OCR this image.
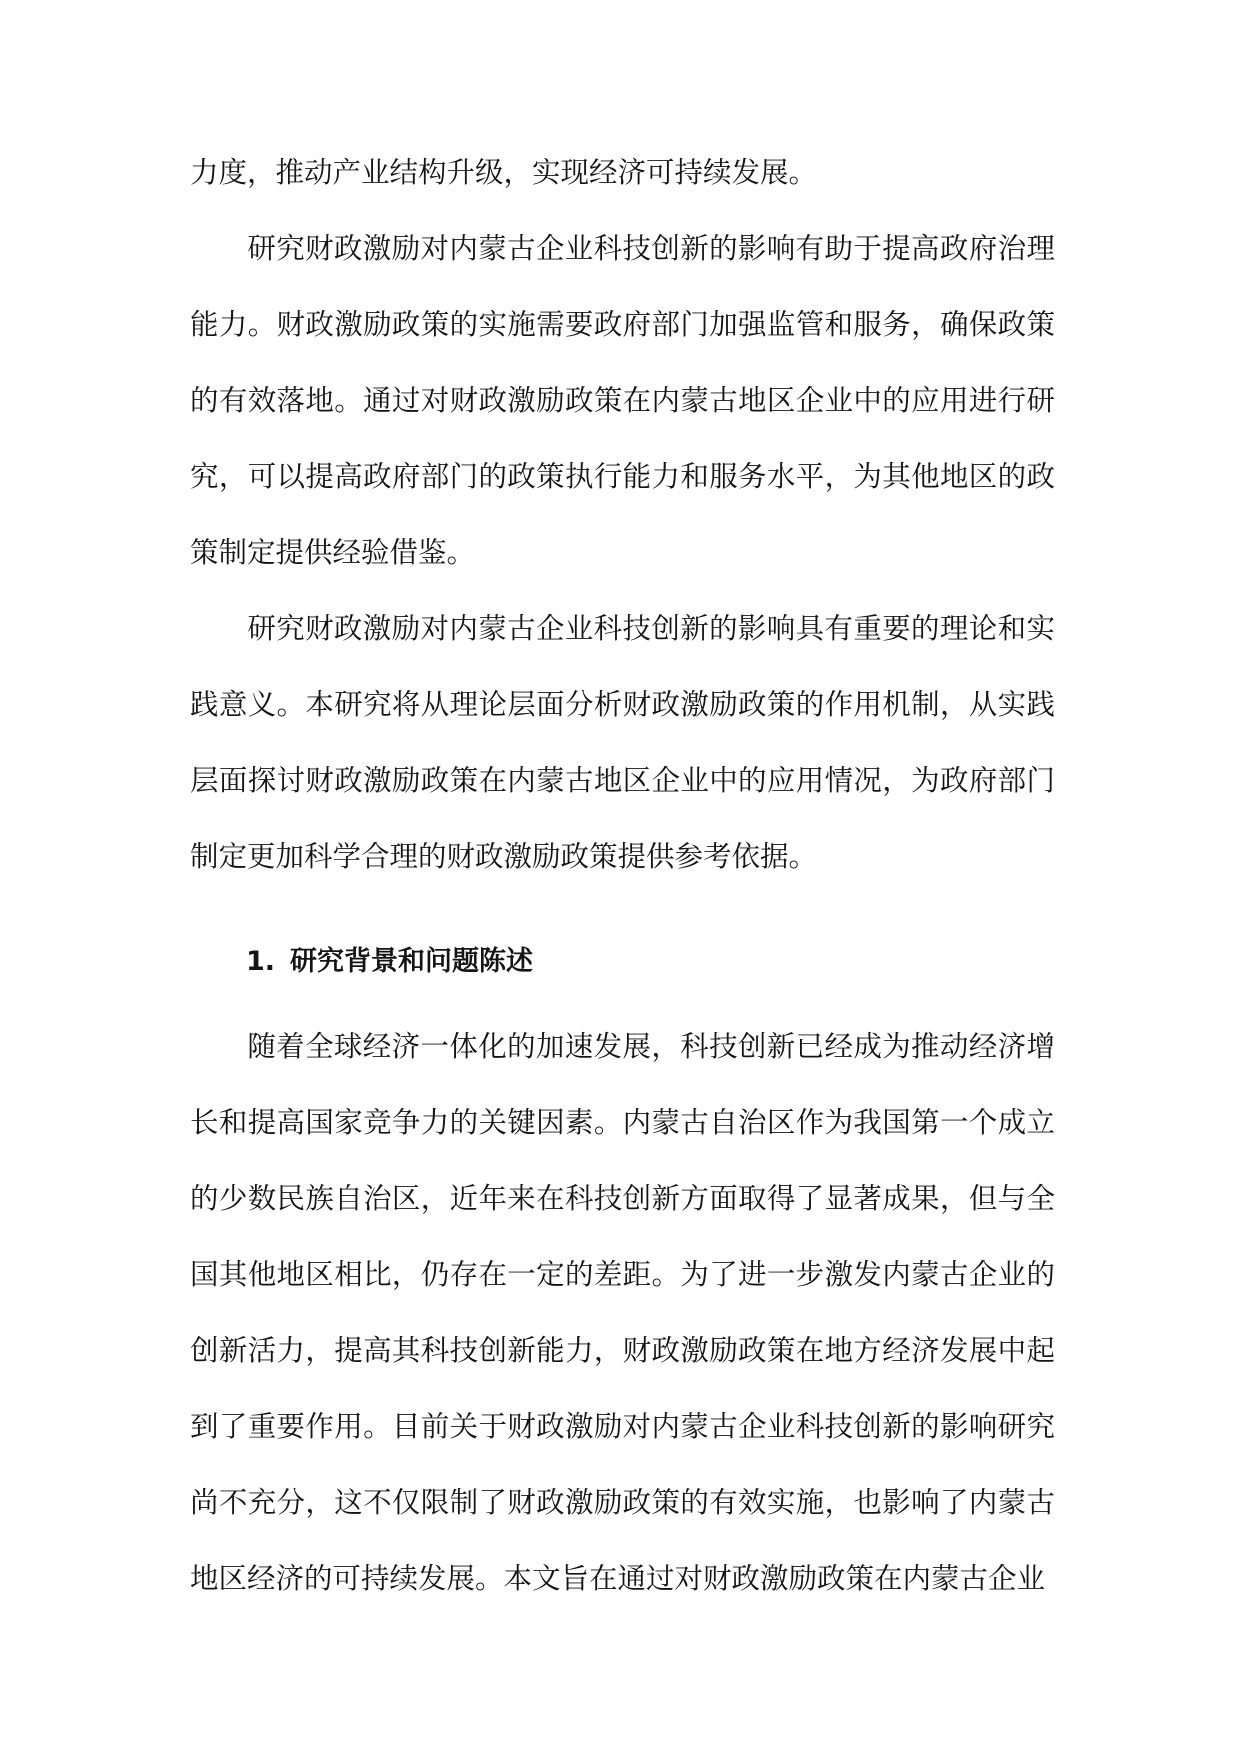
力度，推动产业结构升级，实现经济可持续发展。

研究财政激励对内蒙古企业科技创新的影响有助于提高政府治理能力。财政激励政策的实施需要政府部门加强监管和服务，确保政策的有效落地。通过对财政激励政策在内蒙古地区企业中的应用进行研究，可以提高政府部门的政策执行能力和服务水平，为其他地区的政策制定提供经验借鉴。

研究财政激励对内蒙古企业科技创新的影响具有重要的理论和实践意义。本研究将从理论层面分析财政激励政策的作用机制，从实践层面探讨财政激励政策在内蒙古地区企业中的应用情况，为政府部门制定更加科学合理的财政激励政策提供参考依据。

1. 研究背景和问题陈述

随着全球经济一体化的加速发展，科技创新已经成为推动经济增长和提高国家竞争力的关键因素。内蒙古自治区作为我国第一个成立的少数民族自治区，近年来在科技创新方面取得了显著成果，但与全国其他地区相比，仍存在一定的差距。为了进一步激发内蒙古企业的创新活力，提高其科技创新能力，财政激励政策在地方经济发展中起到了重要作用。目前关于财政激励对内蒙古企业科技创新的影响研究尚不充分，这不仅限制了财政激励政策的有效实施，也影响了内蒙古地区经济的可持续发展。本文旨在通过对财政激励政策在内蒙古企业
